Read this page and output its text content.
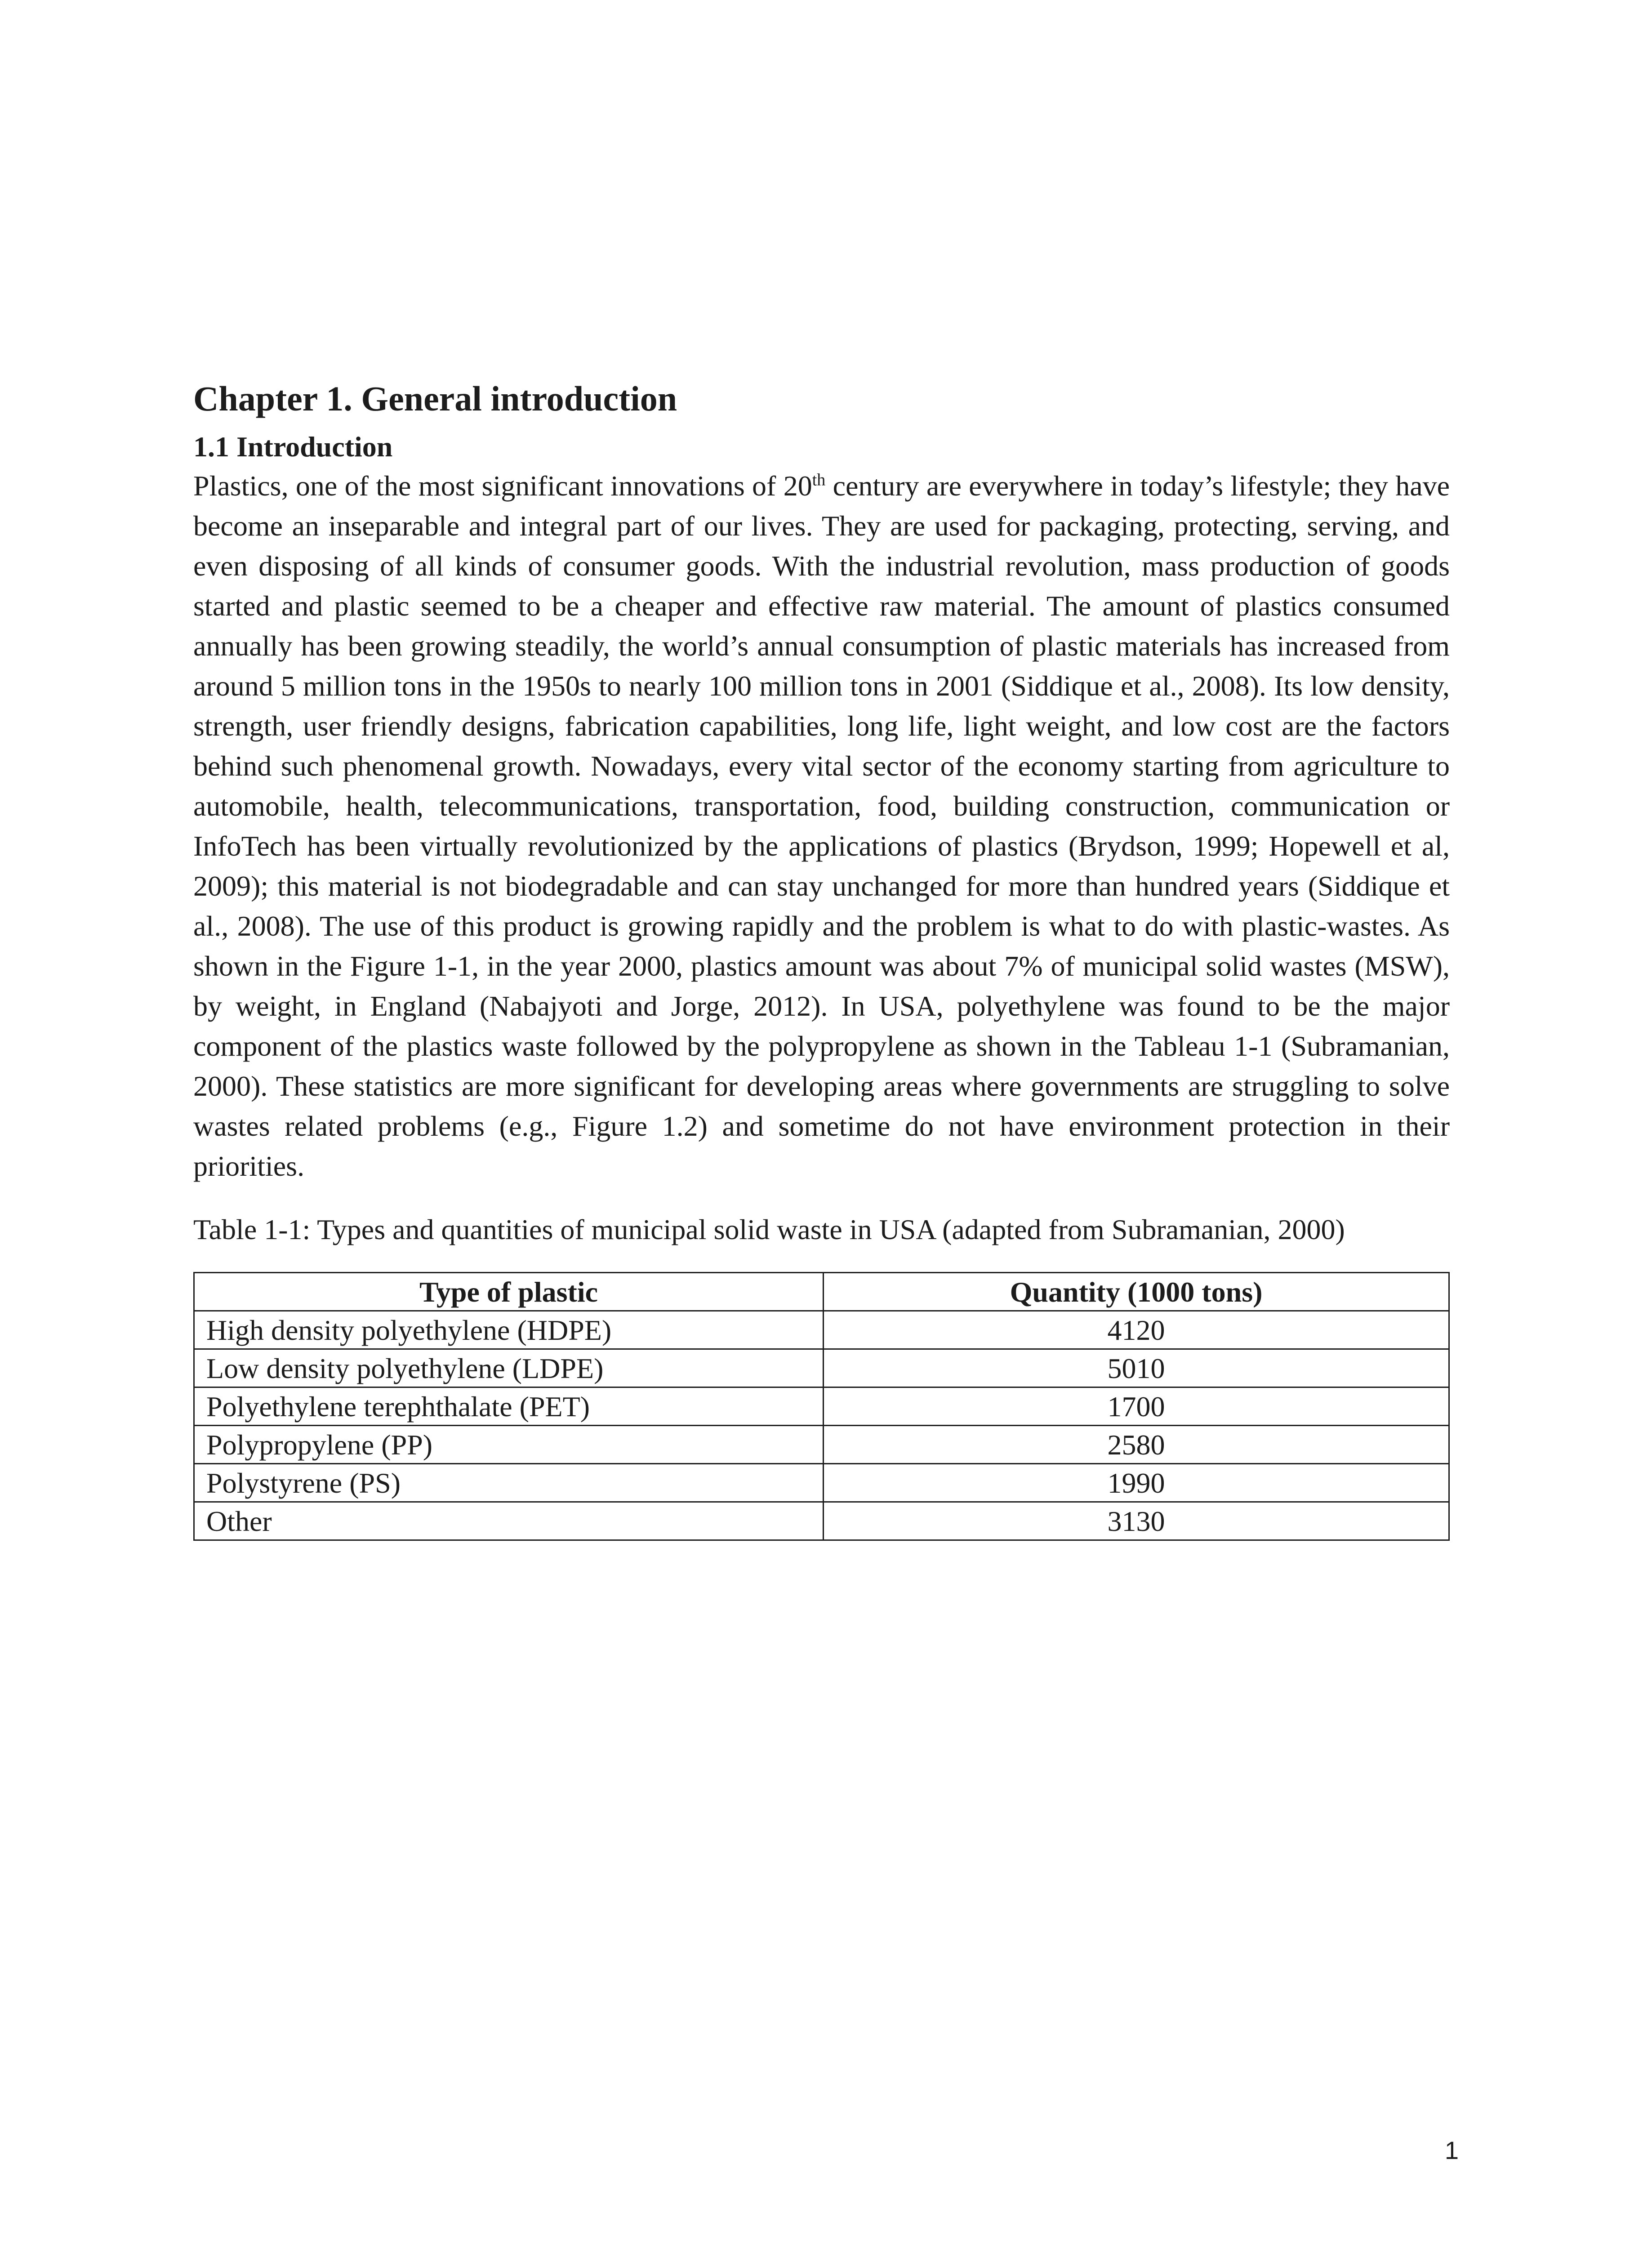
Chapter 1. General introduction
1.1 Introduction

Plastics, one of the most significant innovations of 20th century are everywhere in today’s lifestyle; they have become an inseparable and integral part of our lives. They are used for packaging, protecting, serving, and even disposing of all kinds of consumer goods. With the industrial revolution, mass production of goods started and plastic seemed to be a cheaper and effective raw material. The amount of plastics consumed annually has been growing steadily, the world’s annual consumption of plastic materials has increased from around 5 million tons in the 1950s to nearly 100 million tons in 2001 (Siddique et al., 2008). Its low density, strength, user friendly designs, fabrication capabilities, long life, light weight, and low cost are the factors behind such phenomenal growth. Nowadays, every vital sector of the economy starting from agriculture to automobile, health, telecommunications, transportation, food, building construction, communication or InfoTech has been virtually revolutionized by the applications of plastics (Brydson, 1999; Hopewell et al, 2009); this material is not biodegradable and can stay unchanged for more than hundred years (Siddique et al., 2008). The use of this product is growing rapidly and the problem is what to do with plastic-wastes. As shown in the Figure 1-1, in the year 2000, plastics amount was about 7% of municipal solid wastes (MSW), by weight, in England (Nabajyoti and Jorge, 2012). In USA, polyethylene was found to be the major component of the plastics waste followed by the polypropylene as shown in the Tableau 1-1 (Subramanian, 2000). These statistics are more significant for developing areas where governments are struggling to solve wastes related problems (e.g., Figure 1.2) and sometime do not have environment protection in their priorities.

Table 1-1: Types and quantities of municipal solid waste in USA (adapted from Subramanian, 2000)

Type of plastic	Quantity (1000 tons)
High density polyethylene (HDPE)	4120
Low density polyethylene (LDPE)	5010
Polyethylene terephthalate (PET)	1700
Polypropylene (PP)	2580
Polystyrene (PS)	1990
Other	3130
1
